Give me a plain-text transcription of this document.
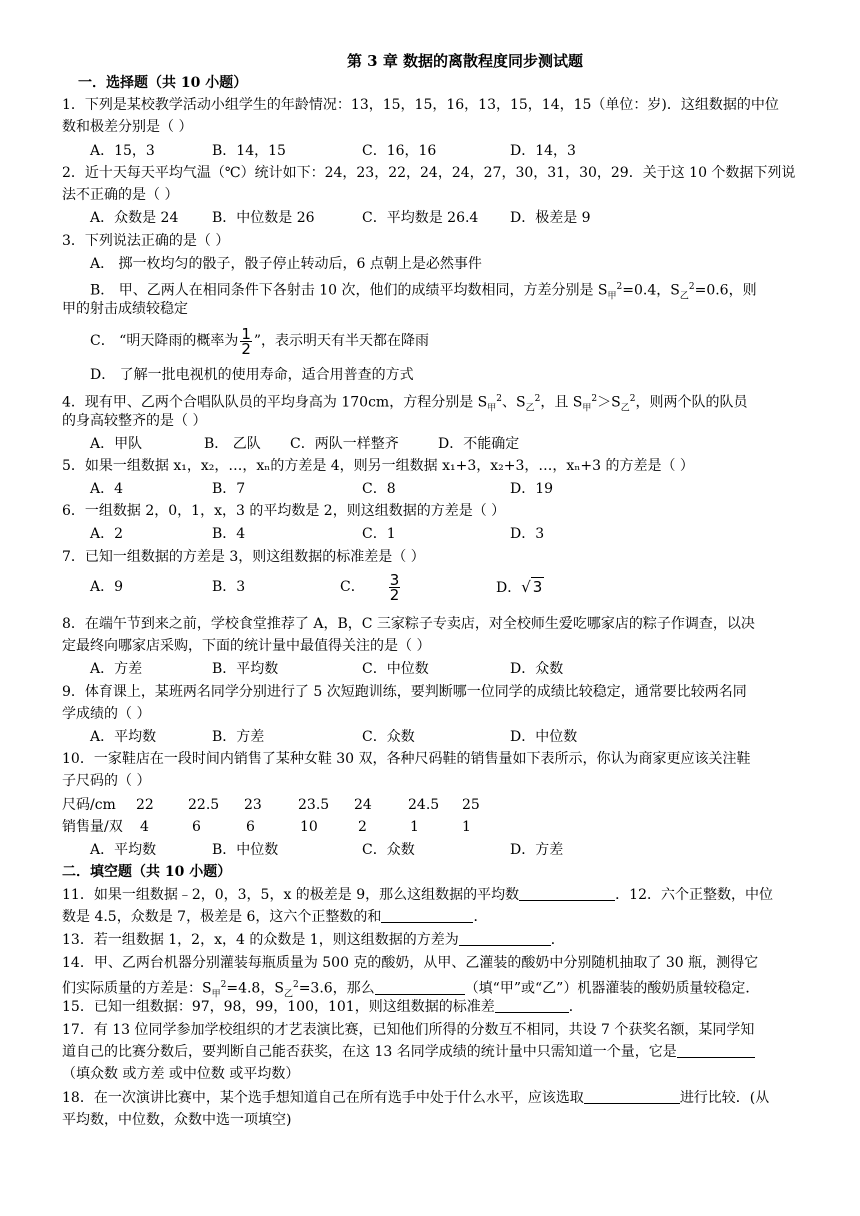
第 3 章 数据的离散程度同步测试题
一．选择题（共 10 小题）
1．下列是某校教学活动小组学生的年龄情况：13，15，15，16，13，15，14，15（单位：岁)．这组数据的中位
数和极差分别是（ ）
A．15，3	B．14，15	C．16，16	D．14，3
2．近十天每天平均气温（℃）统计如下：24，23，22，24，24，27，30，31，30，29．关于这 10 个数据下列说
法不正确的是（ ）
A．众数是 24 B．中位数是 26	C．平均数是 26.4 D．极差是 9
3．下列说法正确的是（ ）
A． 掷一枚均匀的骰子，骰子停止转动后，6 点朝上是必然事件
B． 甲、乙两人在相同条件下各射击 10 次，他们的成绩平均数相同，方差分别是 $S_甲^2=0.4$，$S_乙^2=0.6$，则
甲的射击成绩较稳定
C． “明天降雨的概率为 $\frac{1}{2}$ ”，表示明天有半天都在降雨
D． 了解一批电视机的使用寿命，适合用普查的方式
4．现有甲、乙两个合唱队队员的平均身高为 170cm，方程分别是 $S_甲^2$、$S_乙^2$，且 $S_甲^2>S_乙^2$，则两个队的队员
的身高较整齐的是（ ）
A．甲队	B． 乙队 C．两队一样整齐	D．不能确定
5．如果一组数据 x₁，x₂，…，xₙ的方差是 4，则另一组数据 x₁+3，x₂+3，…，xₙ+3 的方差是（ ）
A．4	B．7	C．8	D．19
6．一组数据 2，0，1，x，3 的平均数是 2，则这组数据的方差是（ ）
A．2	B．4	C．1	D．3
7．已知一组数据的方差是 3，则这组数据的标准差是（ ）
A．9	B．3	C． $\frac{3}{2}$	D．√ 3
8．在端午节到来之前，学校食堂推荐了 A，B，C 三家粽子专卖店，对全校师生爱吃哪家店的粽子作调查，以决
定最终向哪家店采购，下面的统计量中最值得关注的是（ ）
A．方差	B．平均数	C．中位数	D．众数
9．体育课上，某班两名同学分别进行了 5 次短跑训练，要判断哪一位同学的成绩比较稳定，通常要比较两名同
学成绩的（ ）
A．平均数	B．方差	C．众数	D．中位数
10．一家鞋店在一段时间内销售了某种女鞋 30 双，各种尺码鞋的销售量如下表所示，你认为商家更应该关注鞋
子尺码的（ ）
尺码/cm 22 22.5 23	23.5 24	24.5 25
销售量/双 4	6	6	10	2	1	1
A．平均数	B．中位数	C．众数	D．方差
二．填空题（共 10 小题）
11．如果一组数据﹣2，0，3，5，x 的极差是 9，那么这组数据的平均数	．12．六个正整数，中位
数是 4.5，众数是 7，极差是 6，这六个正整数的和	．
13．若一组数据 1，2，x，4 的众数是 1，则这组数据的方差为	．
14．甲、乙两台机器分别灌装每瓶质量为 500 克的酸奶，从甲、乙灌装的酸奶中分别随机抽取了 30 瓶，测得它
们实际质量的方差是：$S_甲^2=4.8$，$S_乙^2=3.6$，那么	（填“甲”或“乙”）机器灌装的酸奶质量较稳定．
15．已知一组数据：97，98，99，100，101，则这组数据的标准差	．
17．有 13 位同学参加学校组织的才艺表演比赛，已知他们所得的分数互不相同，共设 7 个获奖名额，某同学知
道自己的比赛分数后，要判断自己能否获奖，在这 13 名同学成绩的统计量中只需知道一个量，它是
（填众数 或方差 或中位数 或平均数）
18．在一次演讲比赛中，某个选手想知道自己在所有选手中处于什么水平，应该选取	进行比较．(从
平均数，中位数，众数中选一项填空)
